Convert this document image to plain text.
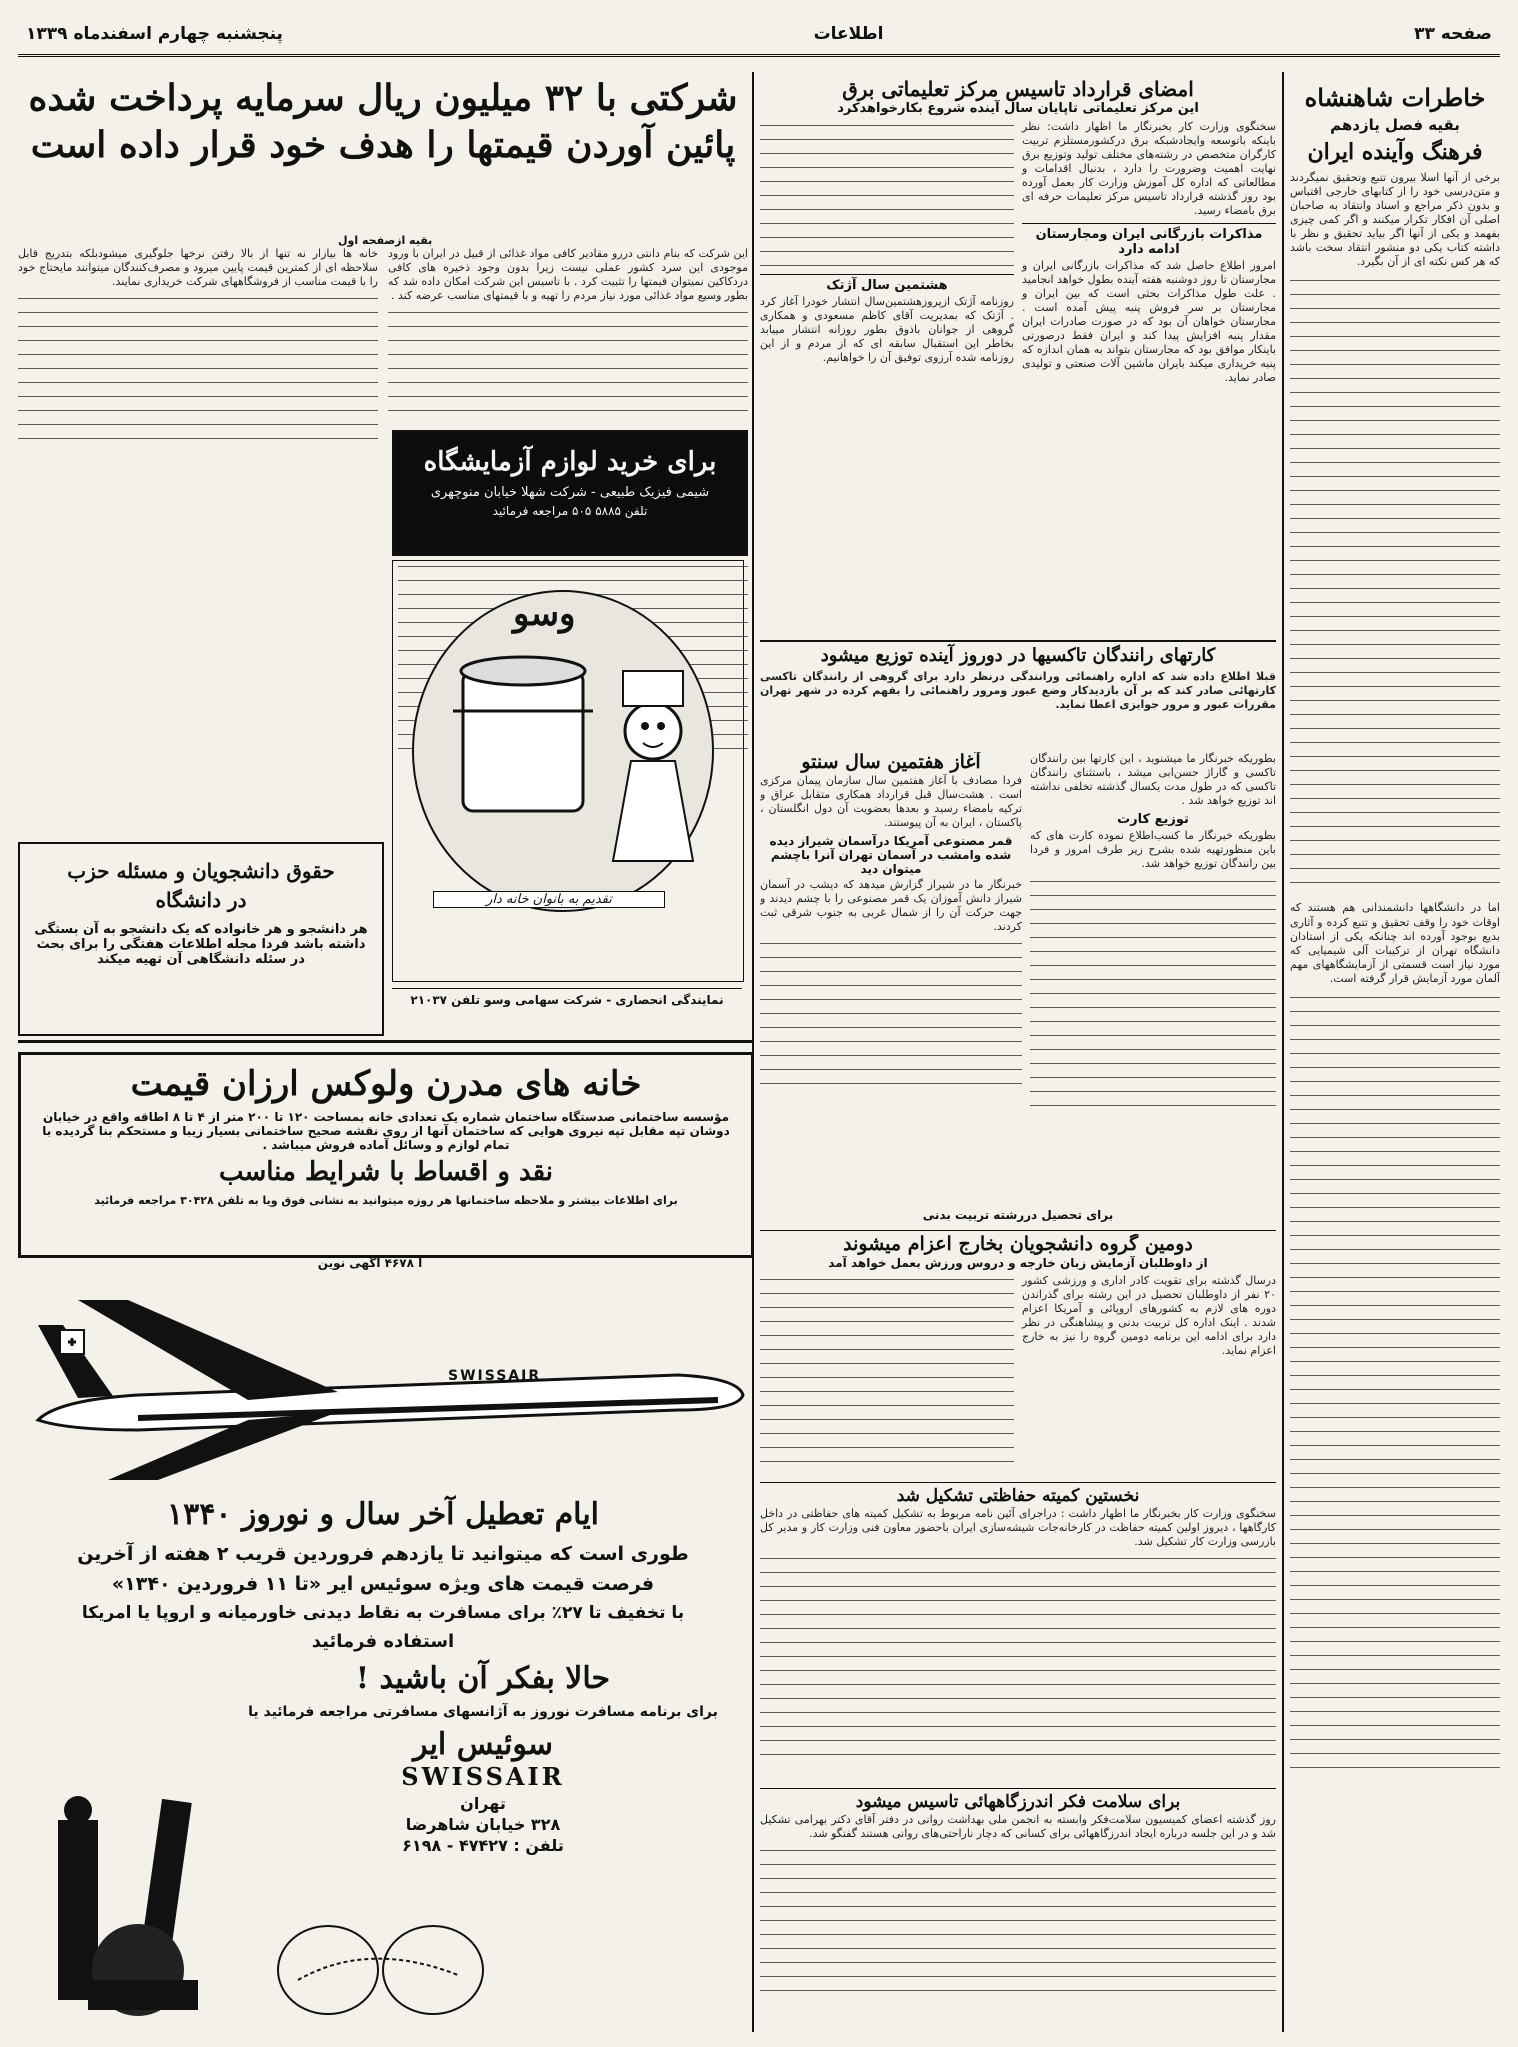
صفحه ۳۳
اطلاعات
پنجشنبه چهارم اسفندماه ۱۳۳۹
خاطرات شاهنشاه
بقیه فصل یازدهم
فرهنگ وآینده ایران
برخی از آنها اسلا بیرون تتبع وتحقیق نمیگردند و متن‌درسی خود را از کتابهای خارجی اقتباس و بدون ذکر مراجع و اسناد وانتقاد به صاحبان اصلی آن افکار تکرار میکنند و اگر کمی چیزی بفهمد و یکی از آنها اگر بیاید تحقیق و نظر با داشته کتاب یکی دو منشور انتقاد سخت باشد که هر کس نکته ای از آن بگیرد.
اما در دانشگاهها دانشمندانی هم هستند که اوقات خود را وقف تحقیق و تتبع کرده و آثاری بدیع بوجود آورده اند چنانکه یکی از استادان دانشگاه تهران از ترکیبات آلی شیمیایی که مورد نیاز است قسمتی از آزمایشگاههای مهم آلمان مورد آزمایش قرار گرفته است.
امضای قرارداد تاسیس مرکز تعلیماتی برق
این مرکز تعلیماتی تاپایان سال آینده شروع بکارخواهدکرد
سخنگوی وزارت کار بخبرنگار ما اظهار داشت: نظر باینکه باتوسعه وایجادشبکه برق درکشورمستلزم تربیت کارگران متخصص در رشته‌های مختلف تولید وتوزیع برق نهایت اهمیت وضرورت را دارد ، بدنبال اقدامات و مطالعاتی که اداره کل آموزش وزارت کار بعمل آورده بود روز گذشته قرارداد تاسیس مرکز تعلیمات حرفه ای برق بامضاء رسید.
مذاکرات بازرگانی ایران ومجارستان ادامه دارد
امروز اطلاع حاصل شد که مذاکرات بازرگانی ایران و مجارستان تا روز دوشنبه هفته آینده بطول خواهد انجامید . علت طول مذاکرات بحثی است که بین ایران و مجارستان بر سر فروش پنبه پیش آمده است . مجارستان خواهان آن بود که در صورت صادرات ایران مقدار پنبه افزایش پیدا کند و ایران فقط درصورتی باینکار موافق بود که مجارستان بتواند به همان اندازه که پنبه خریداری میکند بایران ماشین آلات صنعتی و تولیدی صادر نماید.
هشتمین سال آژتک
روزنامه آژتک ازپروزهشتمین‌سال انتشار خودرا آغاز کرد . آژتک که بمدیریت آقای کاظم مسعودی و همکاری گروهی از جوانان باذوق بطور روزانه انتشار مییابد بخاطر این استقبال سابقه ای که از مردم و از این روزنامه شده آرزوی توفیق آن را خواهانیم.
کارتهای رانندگان تاکسیها در دوروز آینده توزیع میشود
قبلا اطلاع داده شد که اداره راهنمائی ورانندگی درنظر دارد برای گروهی از رانندگان تاکسی کارتهائی صادر کند که بر آن بازدیدکار وضع عبور ومرور راهنمائی را بفهم کرده در شهر تهران مقررات عبور و مرور جوایزی اعطا نماید.
بطوریکه خبرنگار ما میشنوید ، این کارتها بین رانندگان تاکسی و گاراژ حسن‌ابی‌ میشد ، باستثنای رانندگان تاکسی که در طول مدت یکسال گذشته تخلفی نداشته اند توزیع خواهد شد .
توزیع کارت
بطوریکه خبرنگار ما کسب‌اطلاع نموده کارت های که باین منظورتهیه شده بشرح زیر طرف امروز و فردا بین رانندگان توزیع خواهد شد.
آغاز هفتمین سال سنتو
فردا مصادف با آغاز هفتمین سال سازمان پیمان مرکزی است . هشت‌سال قبل قرارداد همکاری متقابل عراق و ترکیه بامضاء رسید و بعدها بعضویت آن دول انگلستان ، پاکستان ، ایران به آن پیوستند.
قمر مصنوعی آمریکا درآسمان شیراز دیده شده وامشب در آسمان تهران آنرا باچشم میتوان دید
خبرنگار ما در شیراز گزارش میدهد که دیشب در آسمان شیراز دانش آموزان یک قمر مصنوعی را با چشم دیدند و جهت حرکت آن را از شمال غربی به جنوب شرقی ثبت کردند.
برای تحصیل دررشته تربیت بدنی
دومین گروه دانشجویان بخارج اعزام میشوند
از داوطلبان آزمایش زبان خارجه و دروس ورزش بعمل خواهد آمد
درسال گذشته برای تقویت کادر اداری و ورزشی کشور ۲۰ نفر از داوطلبان تحصیل در این رشته برای گذراندن دوره های لازم به کشورهای اروپائی و آمریکا اعزام شدند . اینک اداره کل تربیت بدنی و پیشاهنگی در نظر دارد برای ادامه این برنامه دومین گروه را نیز به خارج اعزام نماید.
نخستین کمیته حفاظتی تشکیل شد
سخنگوی وزارت کار بخبرنگار ما اظهار داشت : درا‌جرای آئین نامه مربوط به تشکیل کمیته های حفاظتی در داخل کارگاهها ، دیروز اولین کمیته حفاظت در کارخانه‌جات شیشه‌سازی ایران باحضور معاون فنی وزارت کار و مدیر کل بازرسی وزارت کار تشکیل شد.
برای سلامت فکر اندرزگاههائی تاسیس میشود
روز گذشته اعضای کمیسیون سلامت‌فکر وابسته به انجمن ملی بهداشت روانی در دفتر آقای دکتر بهرامی تشکیل شد و در این جلسه درباره ایجاد اندرزگاههائی برای کسانی که دچار ناراحتی‌های روانی هستند گفتگو شد.
شرکتی با ۳۲ میلیون ریال سرمایه پرداخت شده
پائین آوردن قیمتها را هدف خود قرار داده است
بقیه ازصفحه اول
این شرکت که بنام دانتی دررو مقادیر کافی مواد غذائی از قبیل در ایران با ورود موجودی این سرد کشور عملی نیست زیرا بدون وجود ذخیره های کافی دردکاکین نمیتوان قیمتها را تثبیت کرد . با تاسیس این شرکت امکان داده شد که بطور وسیع مواد غذائی مورد نیاز مردم را تهیه و با قیمتهای مناسب عرضه کند .
خانه ها بیازار نه تنها از بالا رفتن نرخها جلوگیری میشودبلکه بتدریج قابل سلاحظه ای از کمترین قیمت پایین میرود و مصرف‌کنندگان میتوانند مایحتاج خود را با قیمت مناسب از فروشگاههای شرکت خریداری نمایند.
برای خرید لوازم آزمایشگاه
شیمی فیزیک طبیعی - شرکت شهلا خیابان منوچهری
تلفن ۵۸۸۵ ۵۰۵ مراجعه فرمائید
وسو
تقدیم به بانوان خانه دار
نمایندگی انحصاری - شرکت سهامی وسو تلفن ۲۱۰۳۷
حقوق دانشجویان و مسئله حزب
در دانشگاه
هر دانشجو و هر خانواده که یک دانشجو به آن بستگی داشته باشد فردا مجله اطلاعات هفتگی را برای بحث در سئله دانشگاهی آن تهیه میکند
خانه های مدرن ولوکس ارزان قیمت
مؤسسه ساختمانی صدستگاه ساختمان شماره یک تعدادی خانه بمساحت ۱۲۰ تا ۲۰۰ متر از ۴ تا ۸ اطاقه واقع در خیابان دوشان تپه مقابل تپه نیروی هوایی که ساختمان آنها از روی نقشه صحیح ساختمانی بسیار زیبا و مستحکم بنا گردیده با تمام لوازم و وسائل آماده فروش میباشد .
نقد و اقساط با شرایط مناسب
برای اطلاعات بیشتر و ملاحظه ساختمانها هر روزه میتوانید به نشانی فوق ویا به تلفن ۳۰۴۲۸ مراجعه فرمائید
آ ۴۶۷۸ آگهی نوین
SWISSAIR
ایام تعطیل آخر سال و نوروز ۱۳۴۰
طوری است که میتوانید تا یازدهم فروردین قریب ۲ هفته از آخرین
فرصت قیمت های ویژه سوئیس ایر «تا ۱۱ فروردین ۱۳۴۰»
با تخفیف تا ۲۷٪ برای مسافرت به نقاط دیدنی خاورمیانه و اروپا یا امریکا
استفاده فرمائید
حالا بفکر آن باشید !
برای برنامه مسافرت نوروز به آژانسهای مسافرتی مراجعه فرمائید یا
سوئیس ایر
SWISSAIR
تهران
۳۲۸ خیابان شاهرضا
تلفن : ۴۷۴۲۷ - ۶۱۹۸
